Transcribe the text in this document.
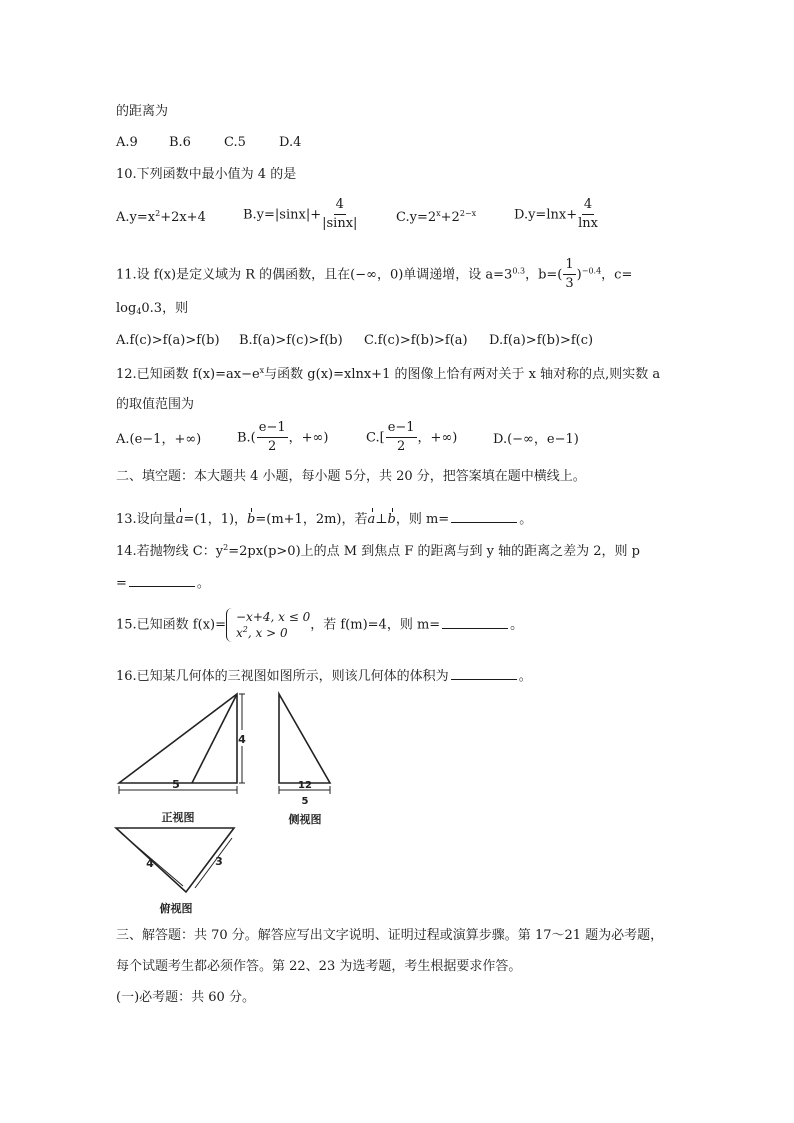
的距离为
A.9 B.6	C.5	D.4
10.下列函数中最小值为 4 的是
$A.y=x^2+2x+4$	$B.y=|\sin x|+ \frac{4}{|\sin x|}$	$C.y=2^x+2^{2-x}$	$D.y=\ln x+ \frac{4}{\ln x}$
11.设 f(x)是定义域为 R 的偶函数，且在(−∞，0)单调递增，设 $a=3^{0.3}$，$b=( \frac{1}{3} )^{-0.4}$，c=
$\log_40.3$，则
A.f(c)>f(a)>f(b) B.f(a)>f(c)>f(b) C.f(c)>f(b)>f(a) D.f(a)>f(b)>f(c)
12.已知函数 $f(x)=ax-e^x$与函数 g(x)=xlnx+1 的图像上恰有两对关于 x 轴对称的点,则实数 a
的取值范围为
A.(e−1，+∞)	$B.( \frac{e-1}{2}$ ，+∞)	$C.[ \frac{e-1}{2}$ ，+∞)	D.(−∞，e−1)
二、填空题：本大题共 4 小题，每小题 5分，共 20 分，把答案填在题中横线上。
13.设向量a=(1，1)，b=(m+1，2m)，若a⊥b，则 m=	。
14.若抛物线 C：$y^2=2px(p>0)$上的点 M 到焦点 F 的距离与到 y 轴的距离之差为 2，则 p
=	。
15.已知函数 f(x)=
−x+4, x ≤ 0
$x^2$, x > 0
，若 f(m)=4，则 m=	。
16.已知某几何体的三视图如图所示，则该几何体的体积为	。
4
5
正视图
12
5
侧视图
4	3
俯视图
三、解答题：共 70 分。解答应写出文字说明、证明过程或演算步骤。第 17～21 题为必考题，
每个试题考生都必须作答。第 22、23 为选考题，考生根据要求作答。
(一)必考题：共 60 分。
